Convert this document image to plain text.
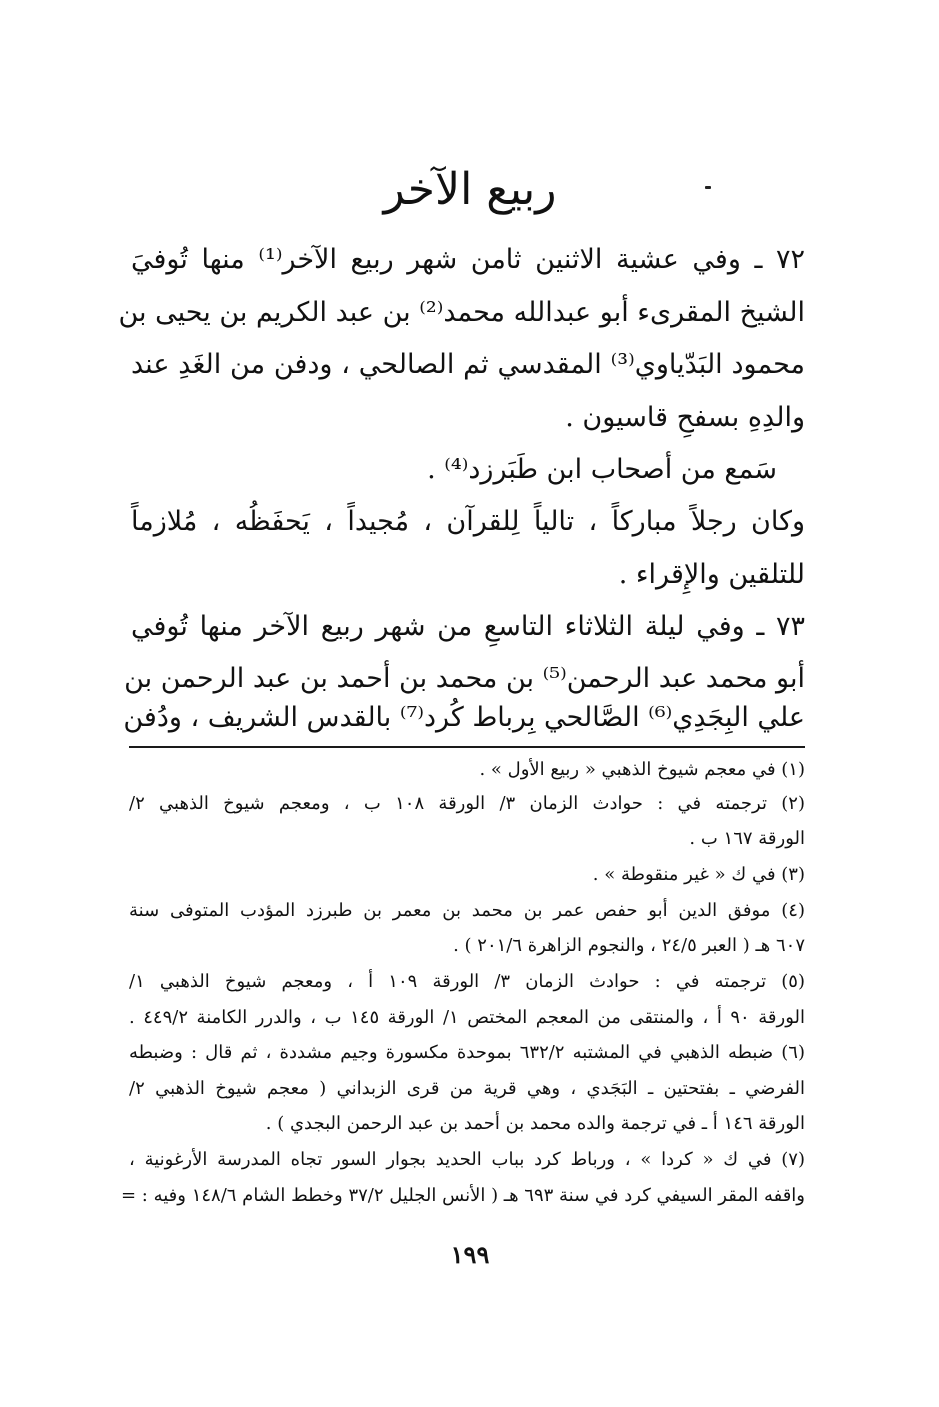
ربيع الآخر
٧٢ ـ وفي عشية الاثنين ثامن شهر ربيع الآخر⁽¹⁾ منها تُوفيَ
الشيخ المقرىء أبو عبدالله محمد⁽²⁾ بن عبد الكريم بن يحيى بن
محمود البَدّياوي⁽³⁾ المقدسي ثم الصالحي ، ودفن من الغَدِ عند
والدِهِ بسفحِ قاسيون .
سَمع من أصحاب ابن طَبَرزد⁽⁴⁾ .
وكان رجلاً مباركاً ، تالياً لِلقرآن ، مُجيداً ، يَحفَظُه ، مُلازماً
للتلقين والإِقراء .
٧٣ ـ وفي ليلة الثلاثاء التاسعِ من شهر ربيع الآخر منها تُوفي
أبو محمد عبد الرحمن⁽⁵⁾ بن محمد بن أحمد بن عبد الرحمن بن
علي البِجَدِي⁽⁶⁾ الصَّالحي بِرباط كُرد⁽⁷⁾ بالقدس الشريف ، ودُفن
(١) في معجم شيوخ الذهبي « ربيع الأول » .
(٢) ترجمته في : حوادث الزمان ٣/ الورقة ١٠٨ ب ، ومعجم شيوخ الذهبي ٢/
الورقة ١٦٧ ب .
(٣) في ك « غير منقوطة » .
(٤) موفق الدين أبو حفص عمر بن محمد بن معمر بن طبرزد المؤدب المتوفى سنة
٦٠٧ هـ ( العبر ٢٤/٥ ، والنجوم الزاهرة ٢٠١/٦ ) .
(٥) ترجمته في : حوادث الزمان ٣/ الورقة ١٠٩ أ ، ومعجم شيوخ الذهبي ١/
الورقة ٩٠ أ ، والمنتقى من المعجم المختص ١/ الورقة ١٤٥ ب ، والدرر الكامنة ٤٤٩/٢ .
(٦) ضبطه الذهبي في المشتبه ٦٣٢/٢ بموحدة مكسورة وجيم مشددة ، ثم قال : وضبطه
الفرضي ـ بفتحتين ـ البَجَدي ، وهي قرية من قرى الزبداني ( معجم شيوخ الذهبي ٢/
الورقة ١٤٦ أ ـ في ترجمة والده محمد بن أحمد بن عبد الرحمن البجدي ) .
(٧) في ك « كردا » ، ورباط كرد بباب الحديد بجوار السور تجاه المدرسة الأرغونية ،
واقفه المقر السيفي كرد في سنة ٦٩٣ هـ ( الأنس الجليل ٣٧/٢ وخطط الشام ١٤٨/٦ وفيه : =
١٩٩
